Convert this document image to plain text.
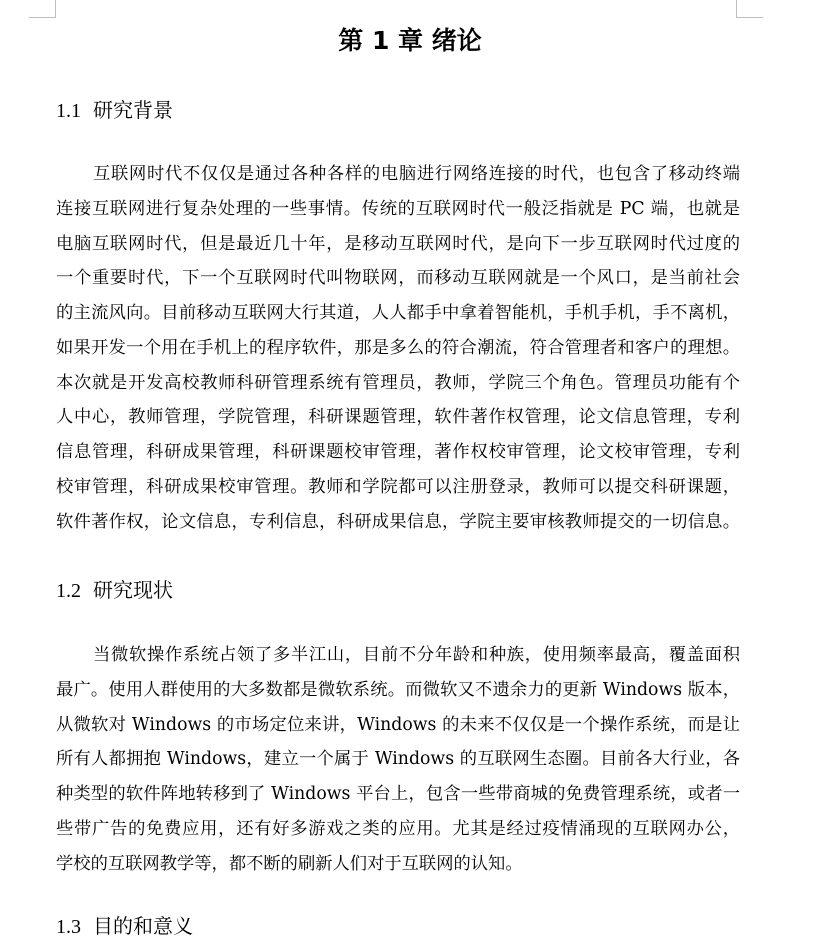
第 1 章 绪论
1.1 研究背景
互联网时代不仅仅是通过各种各样的电脑进行网络连接的时代，也包含了移动终端
连接互联网进行复杂处理的一些事情。传统的互联网时代一般泛指就是 PC 端，也就是
电脑互联网时代，但是最近几十年，是移动互联网时代，是向下一步互联网时代过度的
一个重要时代，下一个互联网时代叫物联网，而移动互联网就是一个风口，是当前社会
的主流风向。目前移动互联网大行其道，人人都手中拿着智能机，手机手机，手不离机，
如果开发一个用在手机上的程序软件，那是多么的符合潮流，符合管理者和客户的理想。
本次就是开发高校教师科研管理系统有管理员，教师，学院三个角色。管理员功能有个
人中心，教师管理，学院管理，科研课题管理，软件著作权管理，论文信息管理，专利
信息管理，科研成果管理，科研课题校审管理，著作权校审管理，论文校审管理，专利
校审管理，科研成果校审管理。教师和学院都可以注册登录，教师可以提交科研课题，
软件著作权，论文信息，专利信息，科研成果信息，学院主要审核教师提交的一切信息。
1.2 研究现状
当微软操作系统占领了多半江山，目前不分年龄和种族，使用频率最高，覆盖面积
最广。使用人群使用的大多数都是微软系统。而微软又不遗余力的更新 Windows 版本，
从微软对 Windows 的市场定位来讲，Windows 的未来不仅仅是一个操作系统，而是让
所有人都拥抱 Windows，建立一个属于 Windows 的互联网生态圈。目前各大行业，各
种类型的软件阵地转移到了 Windows 平台上，包含一些带商城的免费管理系统，或者一
些带广告的免费应用，还有好多游戏之类的应用。尤其是经过疫情涌现的互联网办公，
学校的互联网教学等，都不断的刷新人们对于互联网的认知。
1.3 目的和意义
